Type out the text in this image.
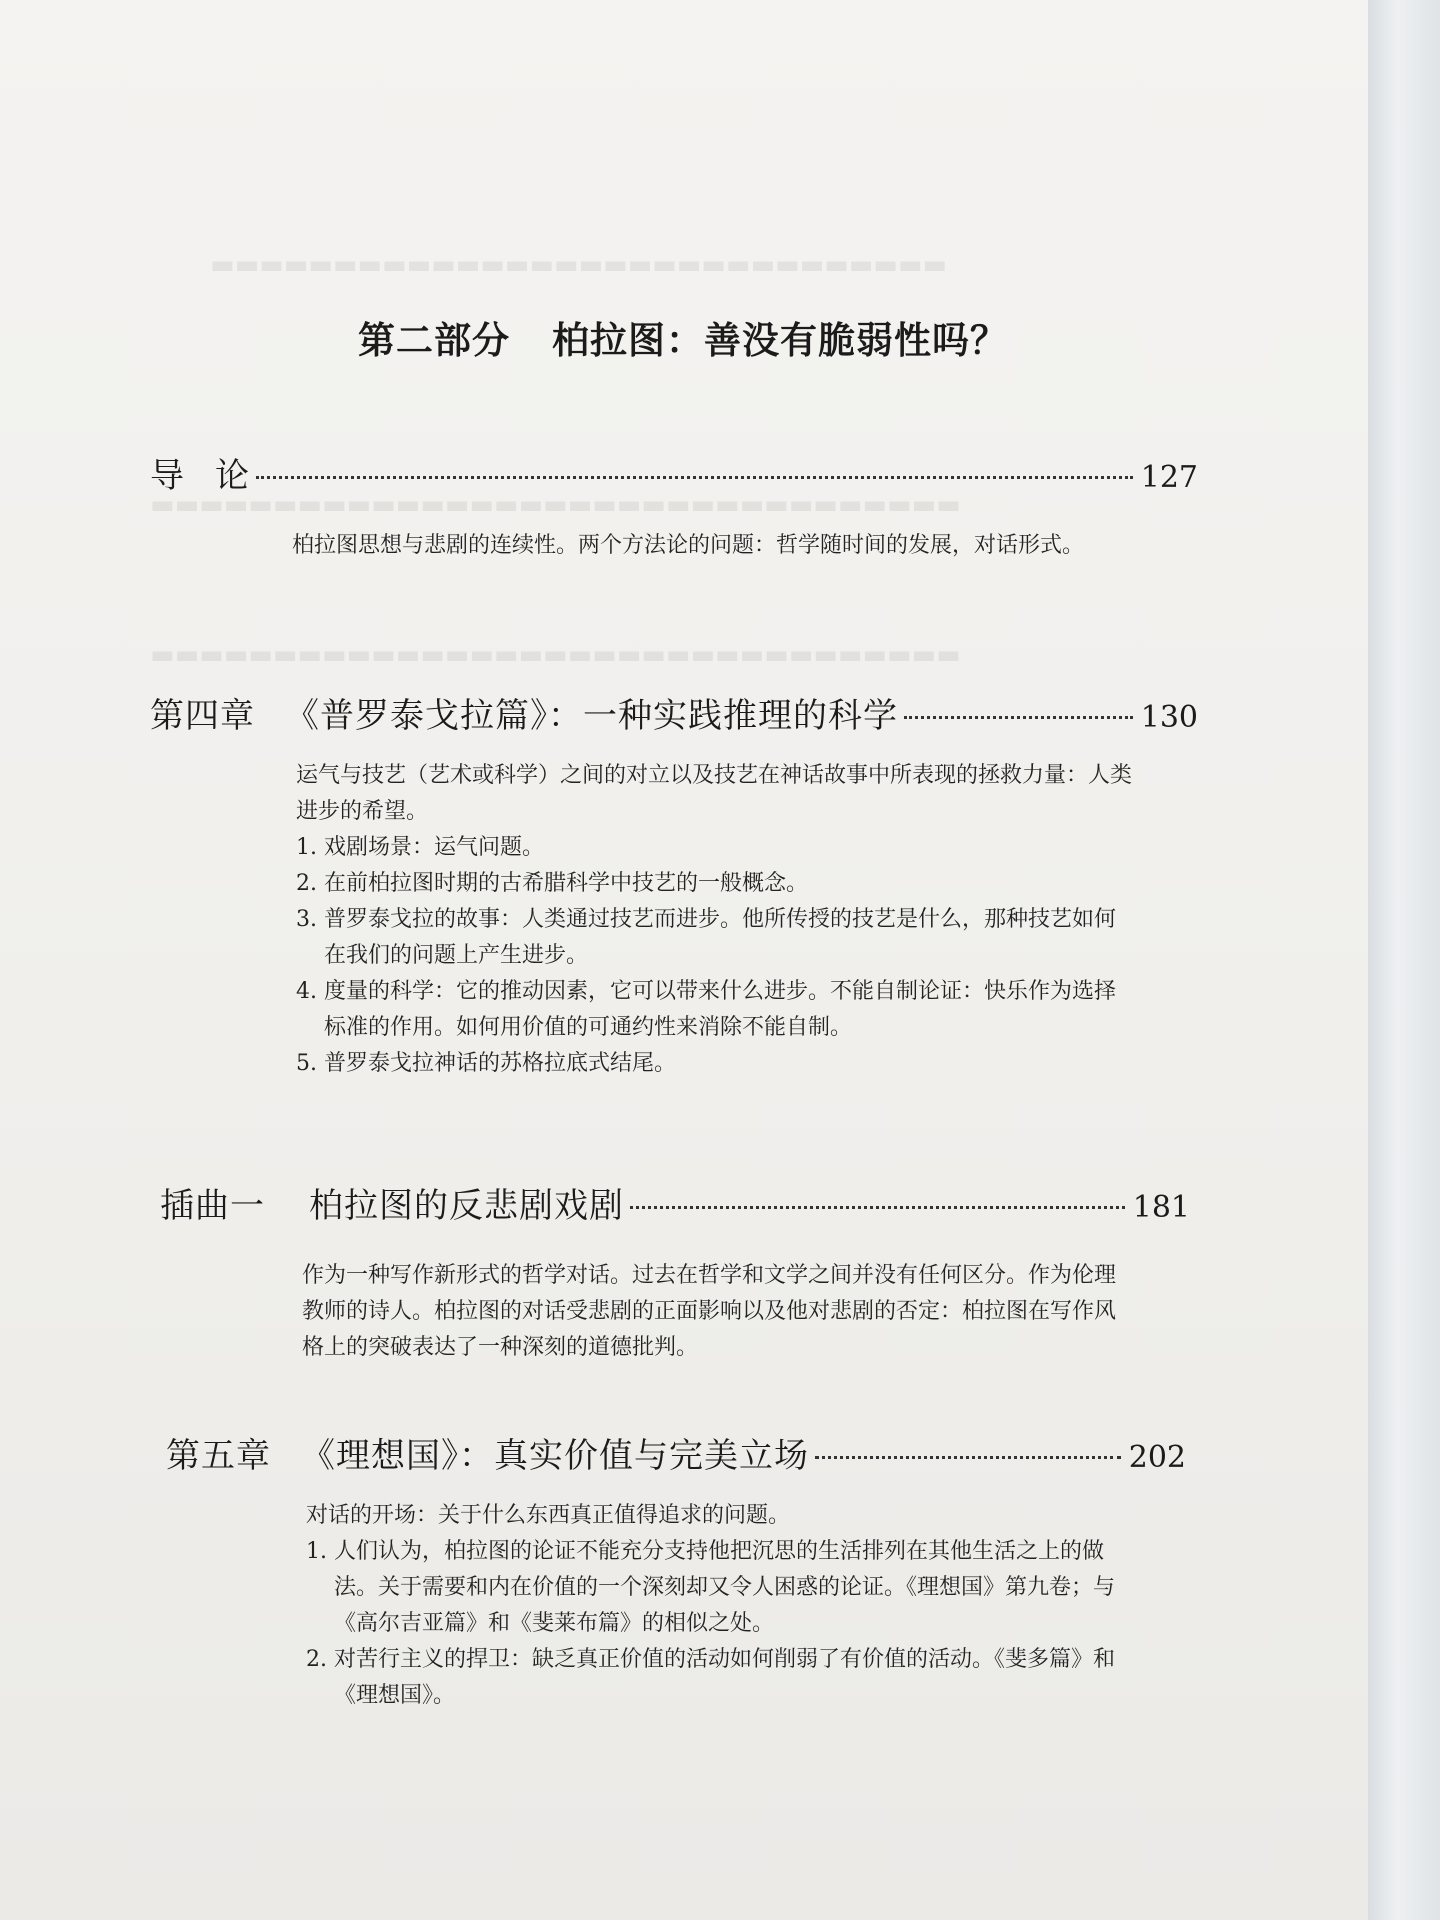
▬▬▬▬▬▬▬▬▬▬▬▬▬▬▬▬▬▬▬▬▬▬▬▬▬▬▬▬▬▬
▬▬▬▬▬▬▬▬▬▬▬▬▬▬▬▬▬▬▬▬▬▬▬▬▬▬▬▬▬▬▬▬▬
▬▬▬▬▬▬▬▬▬▬▬▬▬▬▬▬▬▬▬▬▬▬▬▬▬▬▬▬▬▬▬▬▬
第二部分 柏拉图：善没有脆弱性吗？
导 论	127

柏拉图思想与悲剧的连续性。两个方法论的问题：哲学随时间的发展，对话形式。

第四章 《普罗泰戈拉篇》：一种实践推理的科学	130

运气与技艺（艺术或科学）之间的对立以及技艺在神话故事中所表现的拯救力量：人类进步的希望。

1. 戏剧场景：运气问题。

2. 在前柏拉图时期的古希腊科学中技艺的一般概念。

3. 普罗泰戈拉的故事：人类通过技艺而进步。他所传授的技艺是什么，那种技艺如何在我们的问题上产生进步。

4. 度量的科学：它的推动因素，它可以带来什么进步。不能自制论证：快乐作为选择标准的作用。如何用价值的可通约性来消除不能自制。

5. 普罗泰戈拉神话的苏格拉底式结尾。

插曲一 柏拉图的反悲剧戏剧	181

作为一种写作新形式的哲学对话。过去在哲学和文学之间并没有任何区分。作为伦理教师的诗人。柏拉图的对话受悲剧的正面影响以及他对悲剧的否定：柏拉图在写作风格上的突破表达了一种深刻的道德批判。

第五章 《理想国》：真实价值与完美立场	202

对话的开场：关于什么东西真正值得追求的问题。

1. 人们认为，柏拉图的论证不能充分支持他把沉思的生活排列在其他生活之上的做法。关于需要和内在价值的一个深刻却又令人困惑的论证。《理想国》第九卷；与《高尔吉亚篇》和《斐莱布篇》的相似之处。

2. 对苦行主义的捍卫：缺乏真正价值的活动如何削弱了有价值的活动。《斐多篇》和《理想国》。
